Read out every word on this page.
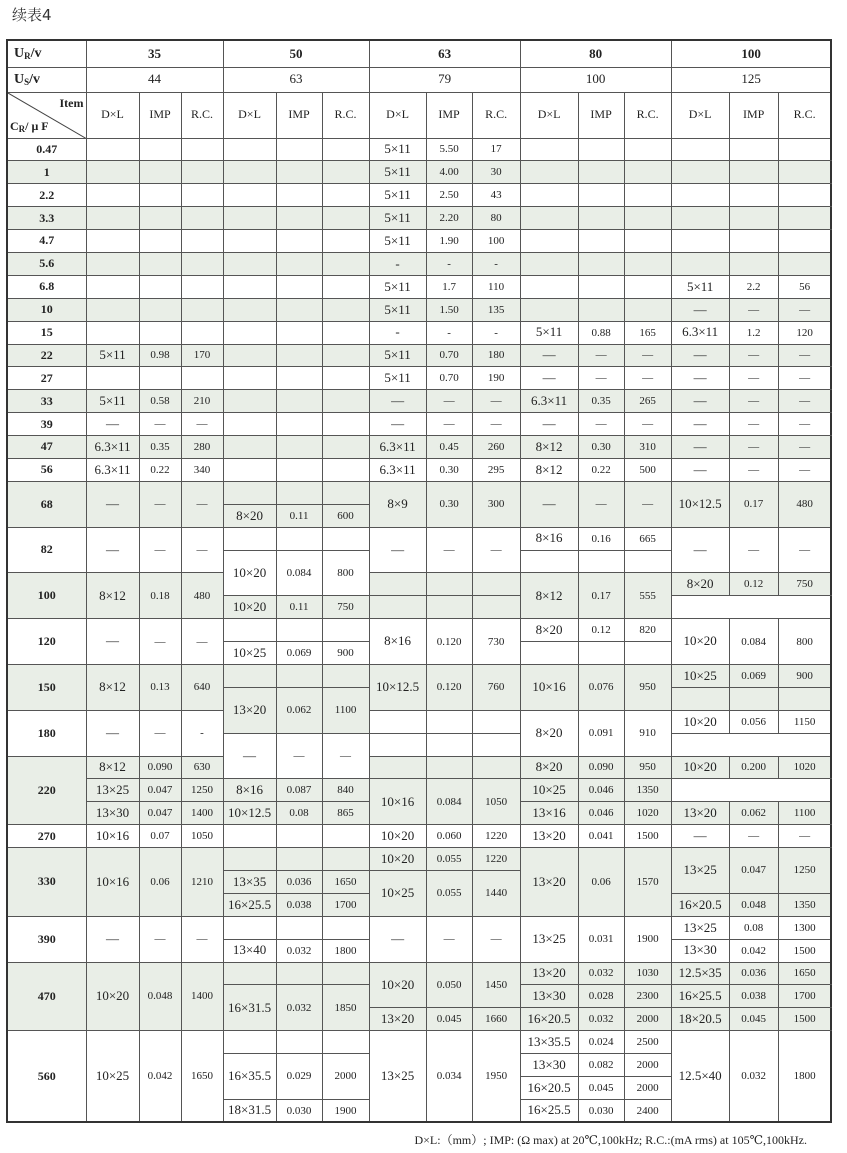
续表4
$U_R/v$	35			50			63			80			100			
$U_S/v$	44			63			79			100			125			

Item
$C_R/$ μ F	D×L	IMP	R.C.	D×L	IMP	R.C.	D×L	IMP	R.C.	D×L	IMP	R.C.	D×L	IMP	R.C.	
0.47							5×11	5.50	17							
1							5×11	4.00	30							
2.2							5×11	2.50	43							
3.3							5×11	2.20	80							
4.7							5×11	1.90	100							
5.6							-	-	-							
6.8							5×11	1.7	110				5×11	2.2	56	
10							5×11	1.50	135				—	—	—	
15							-	-	-	5×11	0.88	165	6.3×11	1.2	120	
22	5×11	0.98	170				5×11	0.70	180	—	—	—	—	—	—	
27							5×11	0.70	190	—	—	—	—	—	—	
33	5×11	0.58	210				—	—	—	6.3×11	0.35	265	—	—	—	
39	—	—	—				—	—	—	—	—	—	—	—	—	
47	6.3×11	0.35	280				6.3×11	0.45	260	8×12	0.30	310	—	—	—	
56	6.3×11	0.22	340				6.3×11	0.30	295	8×12	0.22	500	—	—	—	
68	—	—	—				8×9	0.30	300	—	—	—	10×12.5	0.17	480	
				8×20	0.11	600										
82	—	—	—				—	—	—	8×16	0.16	665	—	—	—	
				10×20	0.084	800										
100	8×12	0.18	480							8×12	0.17	555	8×20	0.12	750			
				10×20	0.11	750										
120	—	—	—				8×16	0.120	730	8×20	0.12	820	10×20	0.084	800	
				10×25	0.069	900										
150	8×12	0.13	640				10×12.5	0.120	760	10×16	0.076	950	10×25	0.069	900	
				13×20	0.062	1100										
180	—	—	-							8×20	0.091	910	10×20	0.056	1150			
				—	—	—										
220	8×12	0.090	630							8×20	0.090	950	10×20	0.200	1020			
	13×25	0.047	1250	8×16	0.087	840	10×16	0.084	1050	10×25	0.046	1350				
	13×30	0.047	1400	10×12.5	0.08	865				13×16	0.046	1020	13×20	0.062	1100	
270	10×16	0.07	1050				10×20	0.060	1220	13×20	0.041	1500	—	—	—	
330	10×16	0.06	1210				10×20	0.055	1220	13×20	0.06	1570	13×25	0.047	1250	
				13×35	0.036	1650	10×25	0.055	1440							
				16×25.5	0.038	1700							16×20.5	0.048	1350	
390	—	—	—				—	—	—	13×25	0.031	1900	13×25	0.08	1300	
				13×40	0.032	1800							13×30	0.042	1500	
470	10×20	0.048	1400				10×20	0.050	1450	13×20	0.032	1030	12.5×35	0.036	1650	
				16×31.5	0.032	1850				13×30	0.028	2300	16×25.5	0.038	1700	
							13×20	0.045	1660	16×20.5	0.032	2000	18×20.5	0.045	1500	
560	10×25	0.042	1650				13×25	0.034	1950	13×35.5	0.024	2500	12.5×40	0.032	1800	
				16×35.5	0.029	2000				13×30	0.082	2000				
										16×20.5	0.045	2000				
				18×31.5	0.030	1900				16×25.5	0.030	2400				
D×L:（mm）; IMP: (Ω max) at 20℃,100kHz; R.C.:(mA rms) at 105℃,100kHz.
